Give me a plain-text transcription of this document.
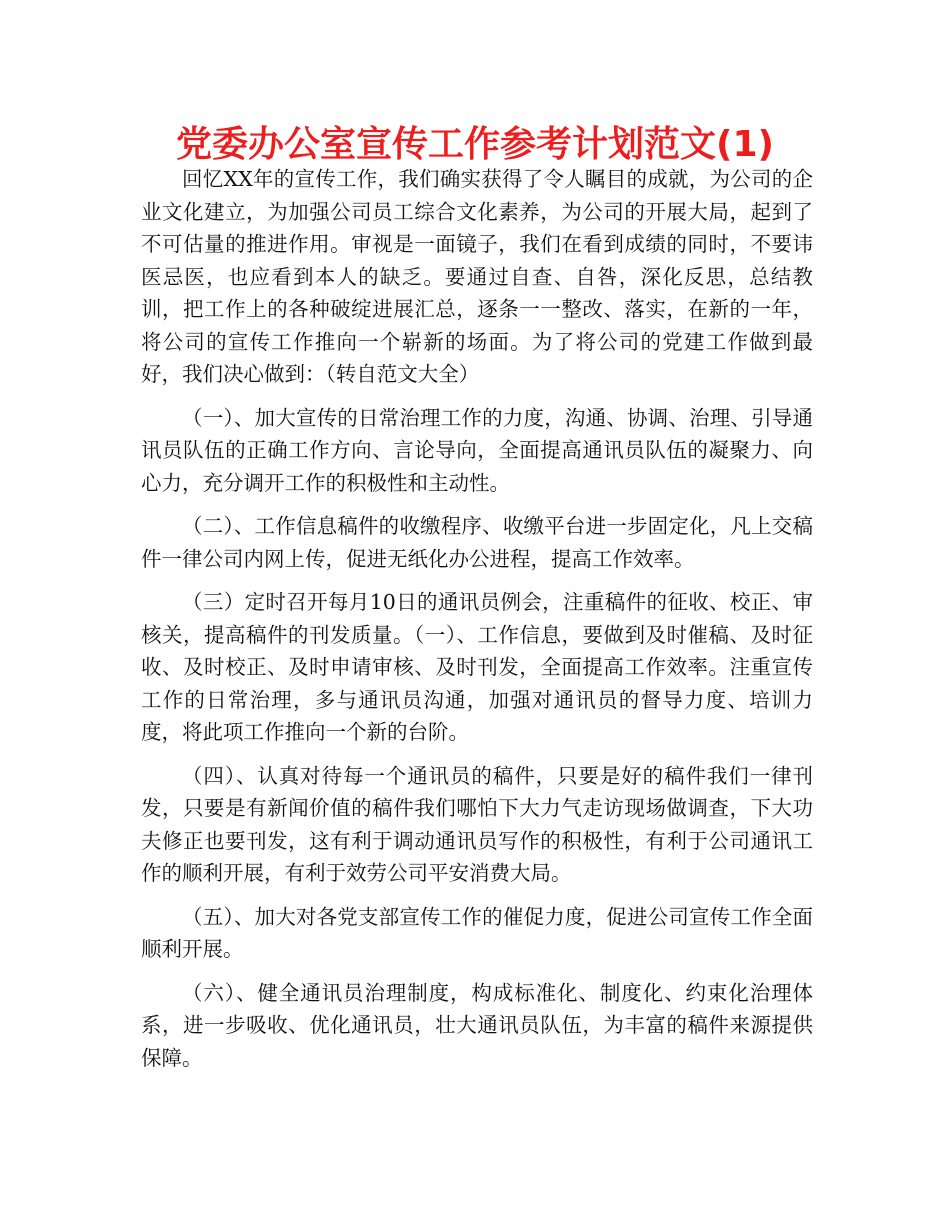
党委办公室宣传工作参考计划范文(1)

回忆XX年的宣传工作，我们确实获得了令人瞩目的成就，为公司的企业文化建立，为加强公司员工综合文化素养，为公司的开展大局，起到了不可估量的推进作用。审视是一面镜子，我们在看到成绩的同时，不要讳医忌医，也应看到本人的缺乏。要通过自查、自咎，深化反思，总结教训，把工作上的各种破绽进展汇总，逐条一一整改、落实，在新的一年，将公司的宣传工作推向一个崭新的场面。为了将公司的党建工作做到最好，我们决心做到：（转自范文大全）

（一）、加大宣传的日常治理工作的力度，沟通、协调、治理、引导通讯员队伍的正确工作方向、言论导向，全面提高通讯员队伍的凝聚力、向心力，充分调开工作的积极性和主动性。

（二）、工作信息稿件的收缴程序、收缴平台进一步固定化，凡上交稿件一律公司内网上传，促进无纸化办公进程，提高工作效率。

（三）定时召开每月10日的通讯员例会，注重稿件的征收、校正、审核关，提高稿件的刊发质量。（一）、工作信息，要做到及时催稿、及时征收、及时校正、及时申请审核、及时刊发，全面提高工作效率。注重宣传工作的日常治理，多与通讯员沟通，加强对通讯员的督导力度、培训力度，将此项工作推向一个新的台阶。

（四）、认真对待每一个通讯员的稿件，只要是好的稿件我们一律刊发，只要是有新闻价值的稿件我们哪怕下大力气走访现场做调查，下大功夫修正也要刊发，这有利于调动通讯员写作的积极性，有利于公司通讯工作的顺利开展，有利于效劳公司平安消费大局。

（五）、加大对各党支部宣传工作的催促力度，促进公司宣传工作全面顺利开展。

（六）、健全通讯员治理制度，构成标准化、制度化、约束化治理体系，进一步吸收、优化通讯员，壮大通讯员队伍，为丰富的稿件来源提供保障。
